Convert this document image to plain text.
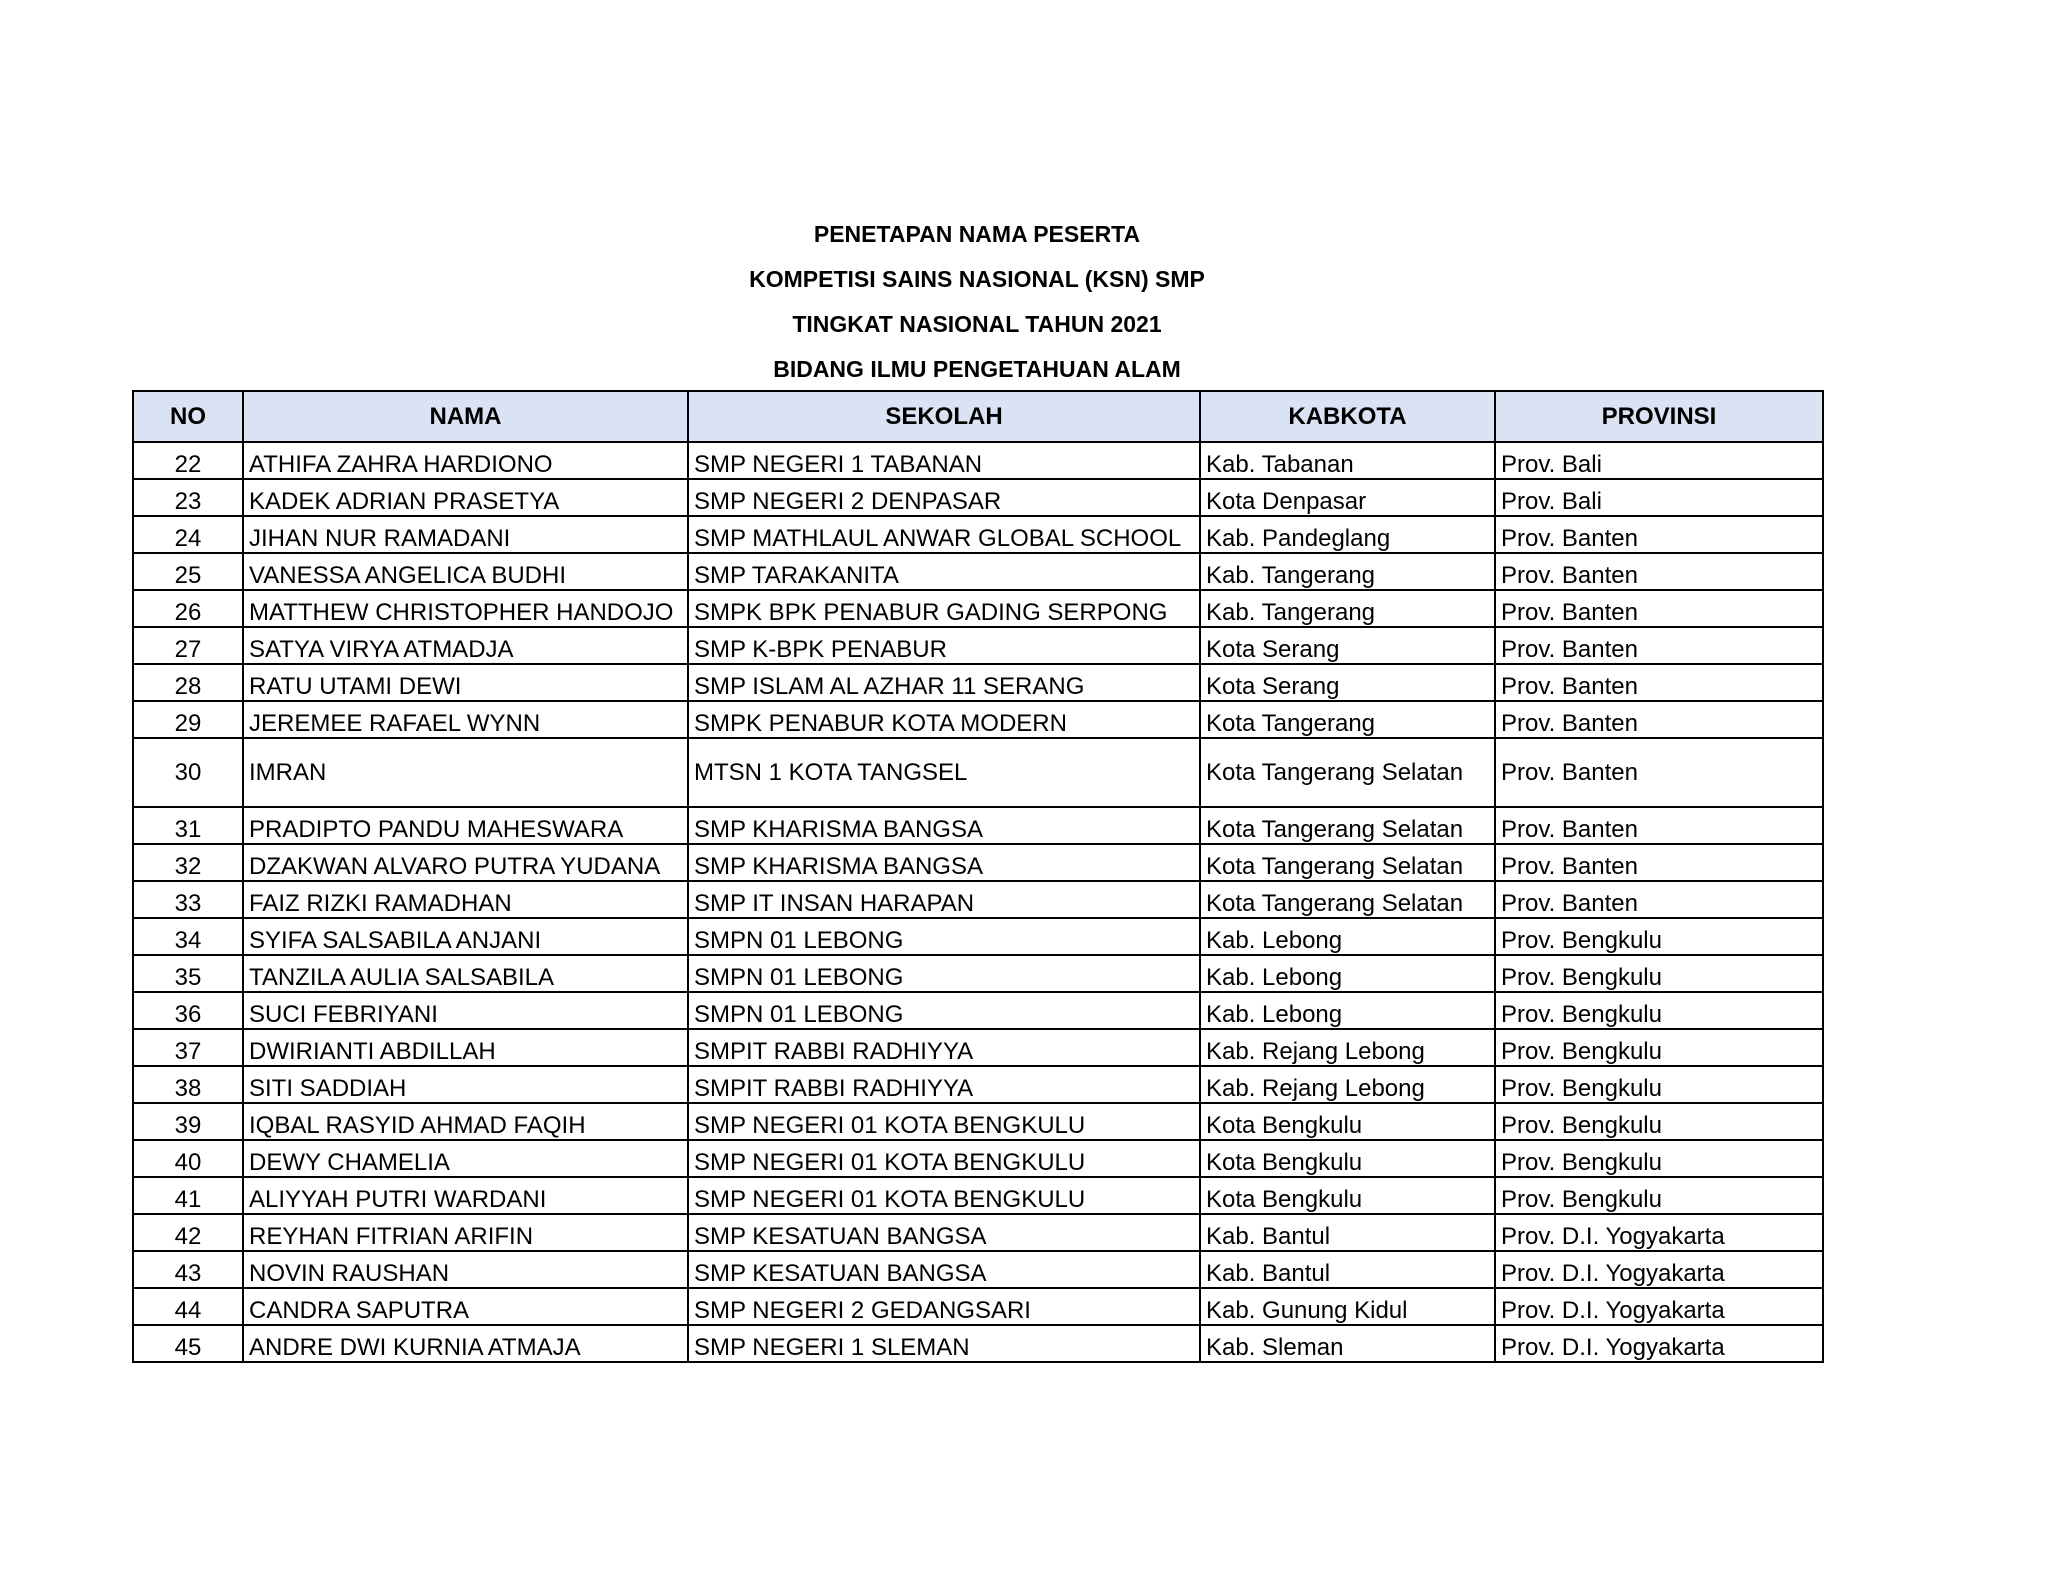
PENETAPAN NAMA PESERTA
KOMPETISI SAINS NASIONAL (KSN) SMP
TINGKAT NASIONAL TAHUN 2021
BIDANG ILMU PENGETAHUAN ALAM
NO	NAMA	SEKOLAH	KABKOTA	PROVINSI
22	ATHIFA ZAHRA HARDIONO	SMP NEGERI 1 TABANAN	Kab. Tabanan	Prov. Bali
23	KADEK ADRIAN PRASETYA	SMP NEGERI 2 DENPASAR	Kota Denpasar	Prov. Bali
24	JIHAN NUR RAMADANI	SMP MATHLAUL ANWAR GLOBAL SCHOOL	Kab. Pandeglang	Prov. Banten
25	VANESSA ANGELICA BUDHI	SMP TARAKANITA	Kab. Tangerang	Prov. Banten
26	MATTHEW CHRISTOPHER HANDOJO	SMPK BPK PENABUR GADING SERPONG	Kab. Tangerang	Prov. Banten
27	SATYA VIRYA ATMADJA	SMP K-BPK PENABUR	Kota Serang	Prov. Banten
28	RATU UTAMI DEWI	SMP ISLAM AL AZHAR 11 SERANG	Kota Serang	Prov. Banten
29	JEREMEE RAFAEL WYNN	SMPK PENABUR KOTA MODERN	Kota Tangerang	Prov. Banten
30	IMRAN	MTSN 1 KOTA TANGSEL	Kota Tangerang Selatan	Prov. Banten
31	PRADIPTO PANDU MAHESWARA	SMP KHARISMA BANGSA	Kota Tangerang Selatan	Prov. Banten
32	DZAKWAN ALVARO PUTRA YUDANA	SMP KHARISMA BANGSA	Kota Tangerang Selatan	Prov. Banten
33	FAIZ RIZKI RAMADHAN	SMP IT INSAN HARAPAN	Kota Tangerang Selatan	Prov. Banten
34	SYIFA SALSABILA ANJANI	SMPN 01 LEBONG	Kab. Lebong	Prov. Bengkulu
35	TANZILA AULIA SALSABILA	SMPN 01 LEBONG	Kab. Lebong	Prov. Bengkulu
36	SUCI FEBRIYANI	SMPN 01 LEBONG	Kab. Lebong	Prov. Bengkulu
37	DWIRIANTI ABDILLAH	SMPIT RABBI RADHIYYA	Kab. Rejang Lebong	Prov. Bengkulu
38	SITI SADDIAH	SMPIT RABBI RADHIYYA	Kab. Rejang Lebong	Prov. Bengkulu
39	IQBAL RASYID AHMAD FAQIH	SMP NEGERI 01 KOTA BENGKULU	Kota Bengkulu	Prov. Bengkulu
40	DEWY CHAMELIA	SMP NEGERI 01 KOTA BENGKULU	Kota Bengkulu	Prov. Bengkulu
41	ALIYYAH PUTRI WARDANI	SMP NEGERI 01 KOTA BENGKULU	Kota Bengkulu	Prov. Bengkulu
42	REYHAN FITRIAN ARIFIN	SMP KESATUAN BANGSA	Kab. Bantul	Prov. D.I. Yogyakarta
43	NOVIN RAUSHAN	SMP KESATUAN BANGSA	Kab. Bantul	Prov. D.I. Yogyakarta
44	CANDRA SAPUTRA	SMP NEGERI 2 GEDANGSARI	Kab. Gunung Kidul	Prov. D.I. Yogyakarta
45	ANDRE DWI KURNIA ATMAJA	SMP NEGERI 1 SLEMAN	Kab. Sleman	Prov. D.I. Yogyakarta
